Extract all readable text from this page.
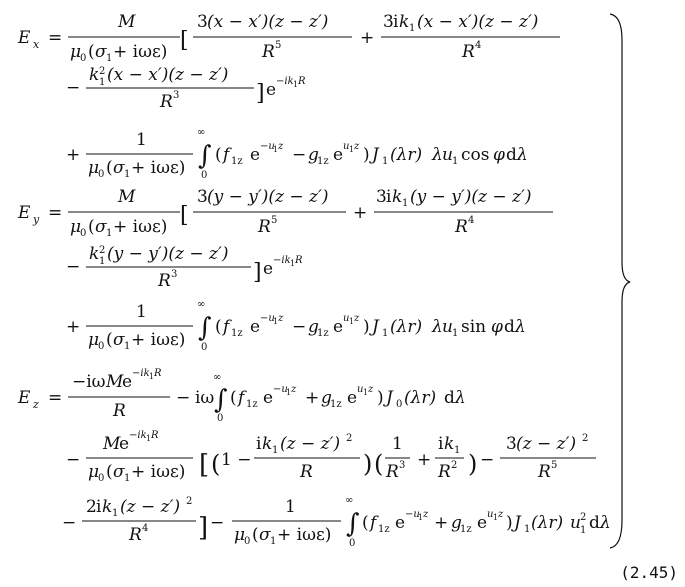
E x =
M
μ
0 ( σ 1 + iωε) [
3 (x − x′)(z − z′)
R 5	+
3 i k 1 (x − x′)(z − z′)
R 4
−
k 2
1 (x − x′)(z − z′)
R 3	] e −ik 1 R
+
1
μ
0 ( σ 1 + iωε)
∞
∫
0
( f 1z e −u
1 z − g
1z e u 1 z ) J 1 (λr) λ u 1 cos φ d λ
E y =
M
μ
0 ( σ 1 + iωε) [
3 (y − y′)(z − z′)
R 5	+
3 i k 1 (y − y′)(z − z′)
R 4
−
k 2
1 (y − y′)(z − z′)
R 3	] e −ik 1 R
+
1
μ
0 ( σ 1 + iωε)
∞
∫
0
( f 1z e −u
1 z − g
1z e u 1 z ) J 1 (λr) λ u 1 sin φ d λ
E z =
−iω M
e −ik 1 R
R
− iω
∞
∫
0
( f 1z e −u
1 z + g
1z e u 1 z ) J 0 (λr) d λ
−
M
e −ik 1 R
μ
0 ( σ 1 + iωε) [ ( 1 −
i k 1 (z − z′) 2
R ) (
1
R 3 +
i k 1
R 2 ) −
3 (z − z′) 2
R 5
−
2 i k 1 (z − z′) 2
R 4 ] −
1
μ
0 ( σ 1 + iωε)
∞
∫
0
( f 1z e −u
1 z + g
1z e u 1 z ) J 1 (λr) u 2
1 d λ
(2.45)
